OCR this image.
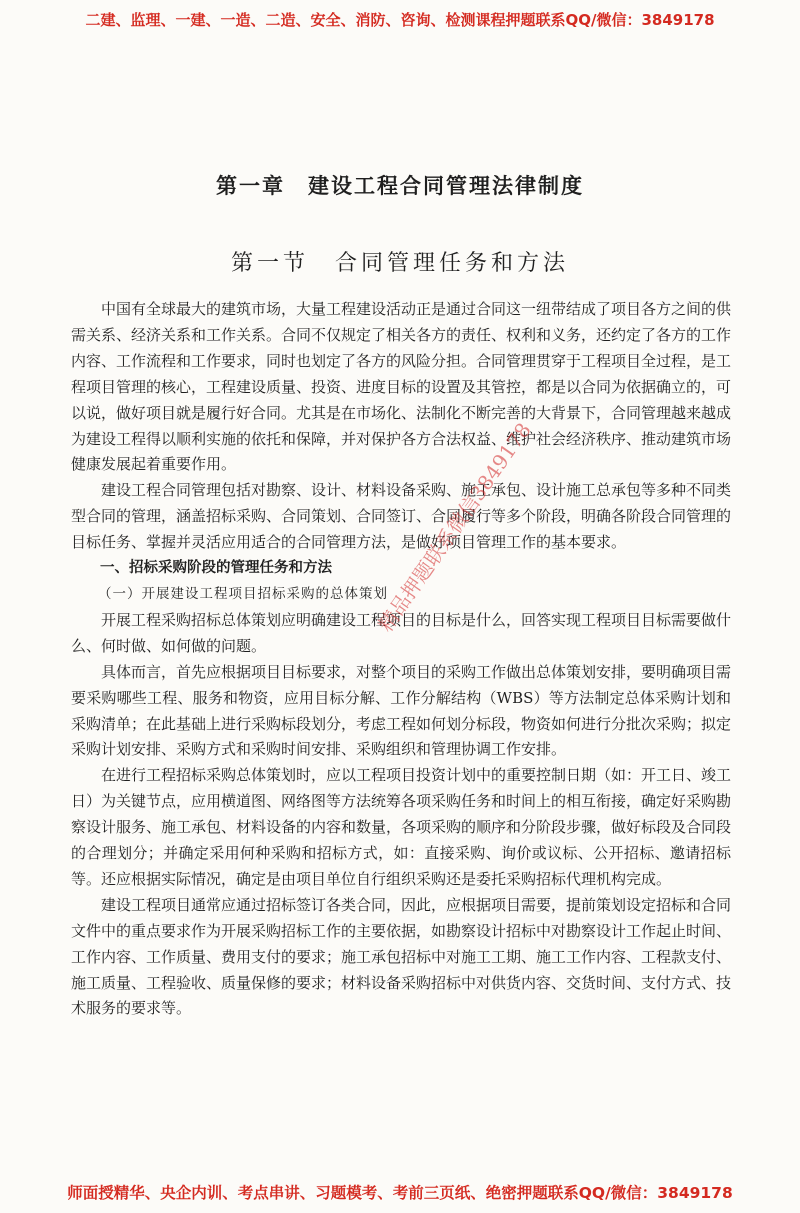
二建、监理、一建、一造、二造、安全、消防、咨询、检测课程押题联系QQ/微信：3849178
第一章　建设工程合同管理法律制度
第一节　合同管理任务和方法

中国有全球最大的建筑市场，大量工程建设活动正是通过合同这一纽带结成了项目各方之间的供需关系、经济关系和工作关系。合同不仅规定了相关各方的责任、权利和义务，还约定了各方的工作内容、工作流程和工作要求，同时也划定了各方的风险分担。合同管理贯穿于工程项目全过程，是工程项目管理的核心，工程建设质量、投资、进度目标的设置及其管控，都是以合同为依据确立的，可以说，做好项目就是履行好合同。尤其是在市场化、法制化不断完善的大背景下，合同管理越来越成为建设工程得以顺利实施的依托和保障，并对保护各方合法权益、维护社会经济秩序、推动建筑市场健康发展起着重要作用。

建设工程合同管理包括对勘察、设计、材料设备采购、施工承包、设计施工总承包等多种不同类型合同的管理，涵盖招标采购、合同策划、合同签订、合同履行等多个阶段，明确各阶段合同管理的目标任务、掌握并灵活应用适合的合同管理方法，是做好项目管理工作的基本要求。

一、招标采购阶段的管理任务和方法
（一）开展建设工程项目招标采购的总体策划

开展工程采购招标总体策划应明确建设工程项目的目标是什么，回答实现工程项目目标需要做什么、何时做、如何做的问题。

具体而言，首先应根据项目目标要求，对整个项目的采购工作做出总体策划安排，要明确项目需要采购哪些工程、服务和物资，应用目标分解、工作分解结构（WBS）等方法制定总体采购计划和采购清单；在此基础上进行采购标段划分，考虑工程如何划分标段，物资如何进行分批次采购；拟定采购计划安排、采购方式和采购时间安排、采购组织和管理协调工作安排。

在进行工程招标采购总体策划时，应以工程项目投资计划中的重要控制日期（如：开工日、竣工日）为关键节点，应用横道图、网络图等方法统筹各项采购任务和时间上的相互衔接，确定好采购勘察设计服务、施工承包、材料设备的内容和数量，各项采购的顺序和分阶段步骤，做好标段及合同段的合理划分；并确定采用何种采购和招标方式，如：直接采购、询价或议标、公开招标、邀请招标等。还应根据实际情况，确定是由项目单位自行组织采购还是委托采购招标代理机构完成。

建设工程项目通常应通过招标签订各类合同，因此，应根据项目需要，提前策划设定招标和合同文件中的重点要求作为开展采购招标工作的主要依据，如勘察设计招标中对勘察设计工作起止时间、工作内容、工作质量、费用支付的要求；施工承包招标中对施工工期、施工工作内容、工程款支付、施工质量、工程验收、质量保修的要求；材料设备采购招标中对供货内容、交货时间、支付方式、技术服务的要求等。

精品押题联系微信3849178
师面授精华、央企内训、考点串讲、习题模考、考前三页纸、绝密押题联系QQ/微信：3849178
